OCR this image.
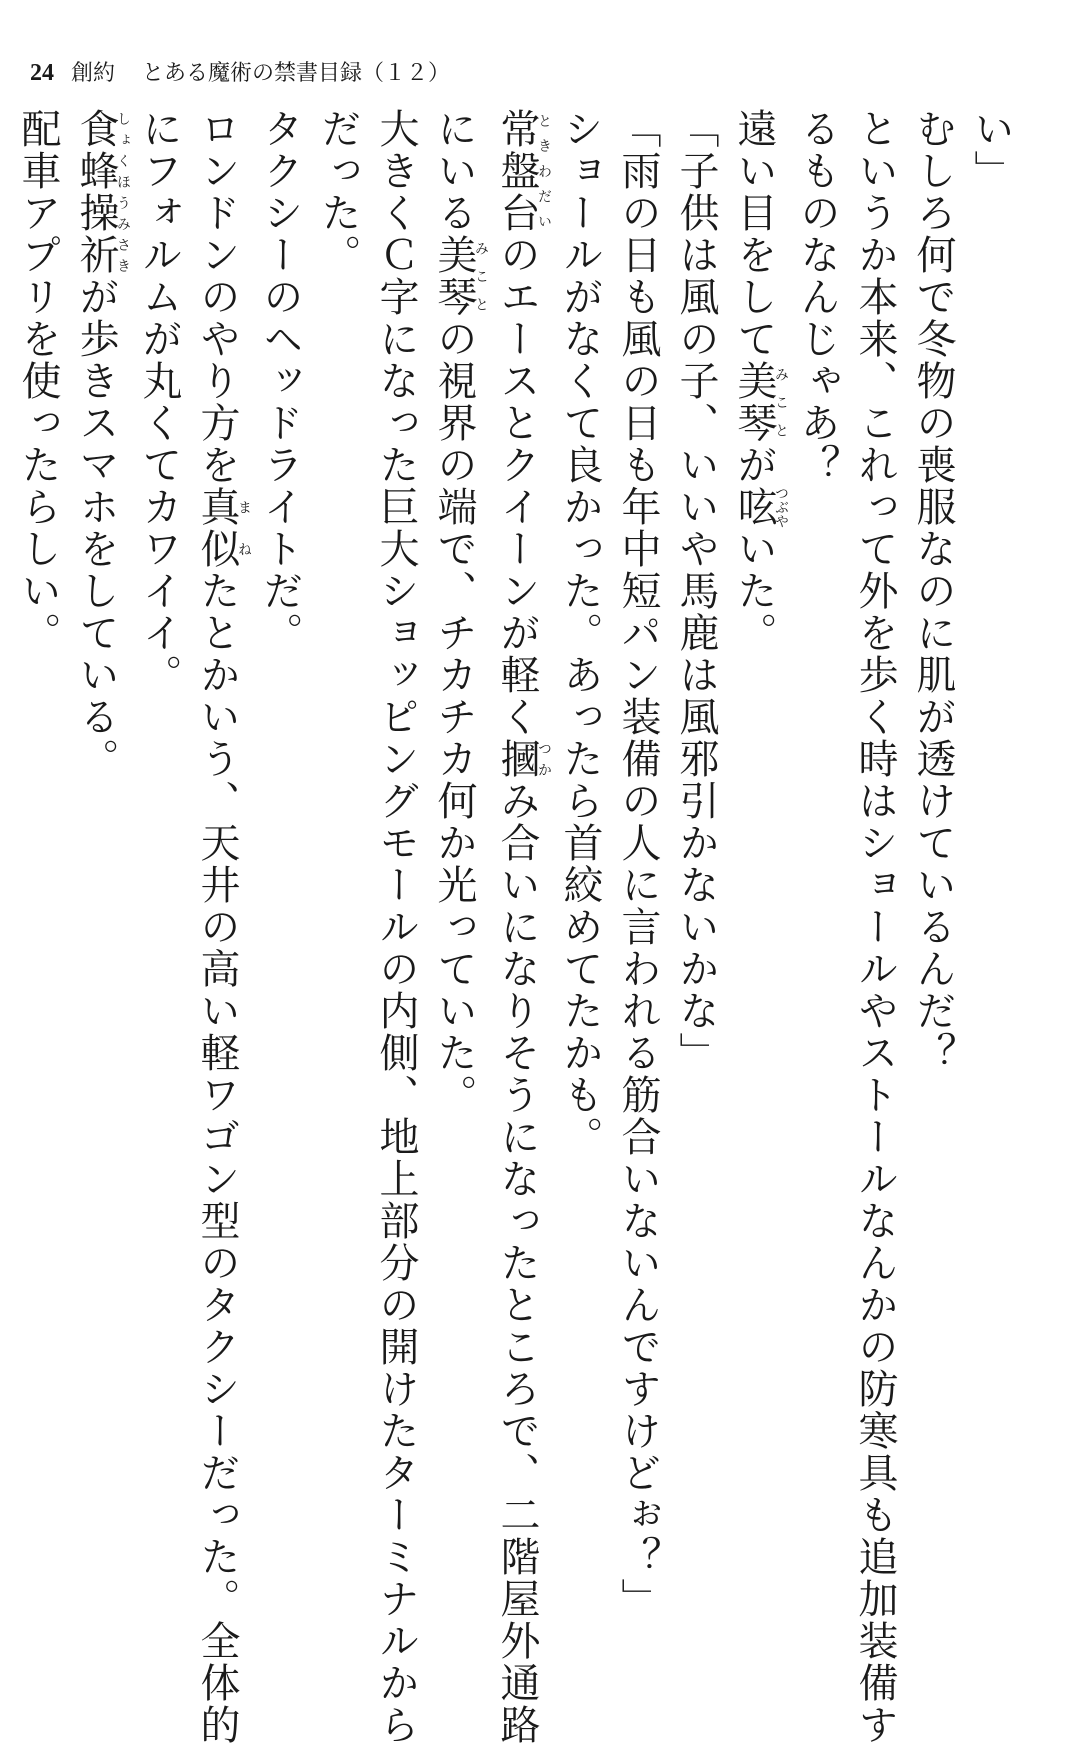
24 創約 とある魔術の禁書目録（１２）
い」
むしろ何で冬物の喪服なのに肌が透けているんだ？
というか本来、これって外を歩く時はショールやストールなんかの防寒具も追加装備す
るものなんじゃあ？
遠い目をして美琴みことが呟つぶやいた。
「子供は風の子、いいや馬鹿は風邪引かないかな」
「雨の日も風の日も年中短パン装備の人に言われる筋合いないんですけどぉ？」
ショールがなくて良かった。あったら首絞めてたかも。
常盤台ときわだいのエースとクイーンが軽く摑つかみ合いになりそうになったところで、二階屋外通路
にいる美琴みことの視界の端で、チカチカ何か光っていた。
大きくＣ字になった巨大ショッピングモールの内側、地上部分の開けたターミナルから
だった。
タクシーのヘッドライトだ。
ロンドンのやり方を真似まねたとかいう、天井の高い軽ワゴン型のタクシーだった。全体的
にフォルムが丸くてカワイイ。
食蜂操祈しょくほうみさきが歩きスマホをしている。
配車アプリを使ったらしい。
